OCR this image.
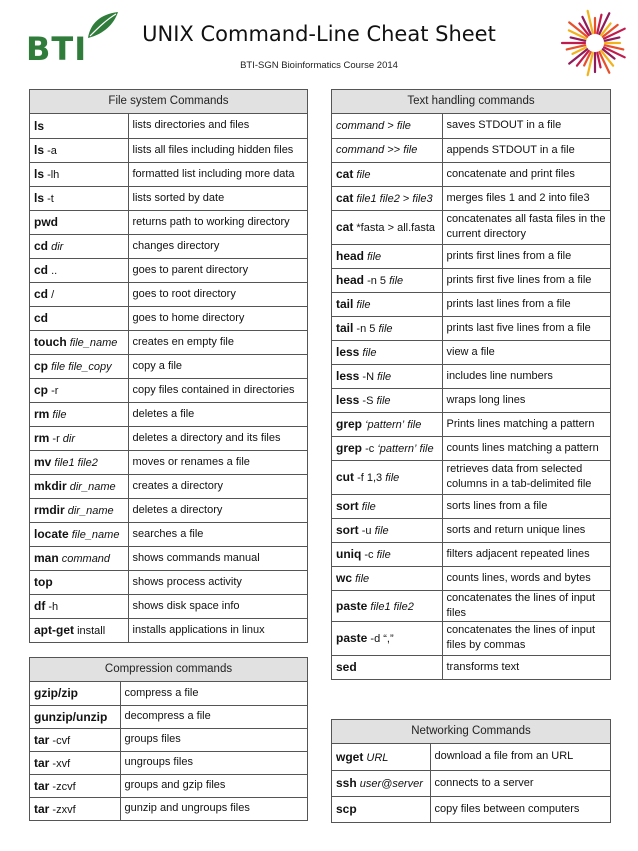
BTI	UNIX Command-Line Cheat Sheet
BTI-SGN Bioinformatics Course 2014
File system Commands
ls	lists directories and files
ls -a	lists all files including hidden files
ls -lh	formatted list including more data
ls -t	lists sorted by date
pwd	returns path to working directory
cd dir	changes directory
cd ..	goes to parent directory
cd /	goes to root directory
cd	goes to home directory
touch file_name	creates en empty file
cp file file_copy	copy a file
cp -r	copy files contained in directories
rm file	deletes a file
rm -r dir	deletes a directory and its files
mv file1 file2	moves or renames a file
mkdir dir_name	creates a directory
rmdir dir_name	deletes a directory
locate file_name	searches a file
man command	shows commands manual
top	shows process activity
df -h	shows disk space info
apt-get install	installs applications in linux
Compression commands
gzip/zip	compress a file
gunzip/unzip	decompress a file
tar -cvf	groups files
tar -xvf	ungroups files
tar -zcvf	groups and gzip files
tar -zxvf	gunzip and ungroups files
Text handling commands
command > file	saves STDOUT in a file
command >> file	appends STDOUT in a file
cat file	concatenate and print files
cat file1 file2 > file3	merges files 1 and 2 into file3
cat *fasta > all.fasta	concatenates all fasta files in the current directory
head file	prints first lines from a file
head -n 5 file	prints first five lines from a file
tail file	prints last lines from a file
tail -n 5 file	prints last five lines from a file
less file	view a file
less -N file	includes line numbers
less -S file	wraps long lines
grep ‘pattern’ file	Prints lines matching a pattern
grep -c ‘pattern’ file	counts lines matching a pattern
cut -f 1,3 file	retrieves data from selected columns in a tab-delimited file
sort file	sorts lines from a file
sort -u file	sorts and return unique lines
uniq -c file	filters adjacent repeated lines
wc file	counts lines, words and bytes
paste file1 file2	concatenates the lines of input files
paste -d “,”	concatenates the lines of input files by commas
sed	transforms text
Networking Commands
wget URL	download a file from an URL
ssh user@server	connects to a server
scp	copy files between computers
